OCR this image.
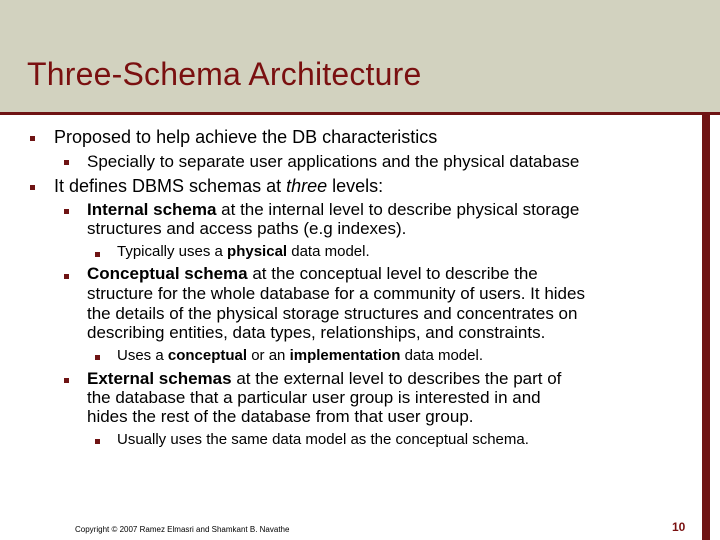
Three-Schema Architecture
Proposed to help achieve the DB characteristics
Specially to separate user applications and the physical database
It defines DBMS schemas at three levels:
Internal schema at the internal level to describe physical storage
structures and access paths (e.g indexes).
Typically uses a physical data model.
Conceptual schema at the conceptual level to describe the
structure for the whole database for a community of users. It hides
the details of the physical storage structures and concentrates on
describing entities, data types, relationships, and constraints.
Uses a conceptual or an implementation data model.
External schemas at the external level to describes the part of
the database that a particular user group is interested in and
hides the rest of the database from that user group.
Usually uses the same data model as the conceptual schema.
Copyright © 2007 Ramez Elmasri and Shamkant B. Navathe	10
